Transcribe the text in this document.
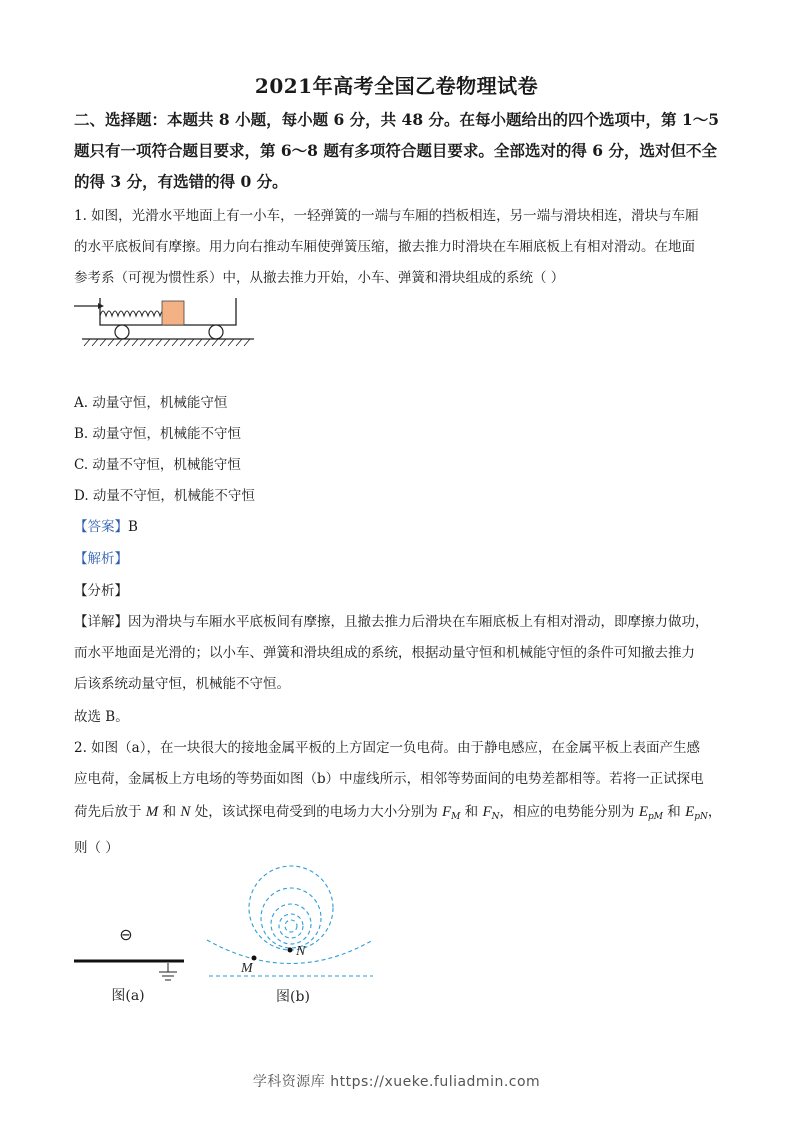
2021年高考全国乙卷物理试卷
二、选择题：本题共 8 小题，每小题 6 分，共 48 分。在每小题给出的四个选项中，第 1～5
题只有一项符合题目要求，第 6～8 题有多项符合题目要求。全部选对的得 6 分，选对但不全
的得 3 分，有选错的得 0 分。
1. 如图，光滑水平地面上有一小车，一轻弹簧的一端与车厢的挡板相连，另一端与滑块相连，滑块与车厢
的水平底板间有摩擦。用力向右推动车厢使弹簧压缩，撤去推力时滑块在车厢底板上有相对滑动。在地面
参考系（可视为惯性系）中，从撤去推力开始，小车、弹簧和滑块组成的系统（ ）
A. 动量守恒，机械能守恒
B. 动量守恒，机械能不守恒
C. 动量不守恒，机械能守恒
D. 动量不守恒，机械能不守恒
【答案】B
【解析】
【分析】
【详解】因为滑块与车厢水平底板间有摩擦，且撤去推力后滑块在车厢底板上有相对滑动，即摩擦力做功，
而水平地面是光滑的；以小车、弹簧和滑块组成的系统，根据动量守恒和机械能守恒的条件可知撤去推力
后该系统动量守恒，机械能不守恒。
故选 B。
2. 如图（a），在一块很大的接地金属平板的上方固定一负电荷。由于静电感应，在金属平板上表面产生感
应电荷，金属板上方电场的等势面如图（b）中虚线所示，相邻等势面间的电势差都相等。若将一正试探电
荷先后放于 M 和 N 处，该试探电荷受到的电场力大小分别为 $F_M$ 和 $F_N$，相应的电势能分别为 $E_{pM}$ 和 $E_{pN}$，
则（ ）
⊖
图(a)
M
N
图(b)
学科资源库 https://xueke.fuliadmin.com
